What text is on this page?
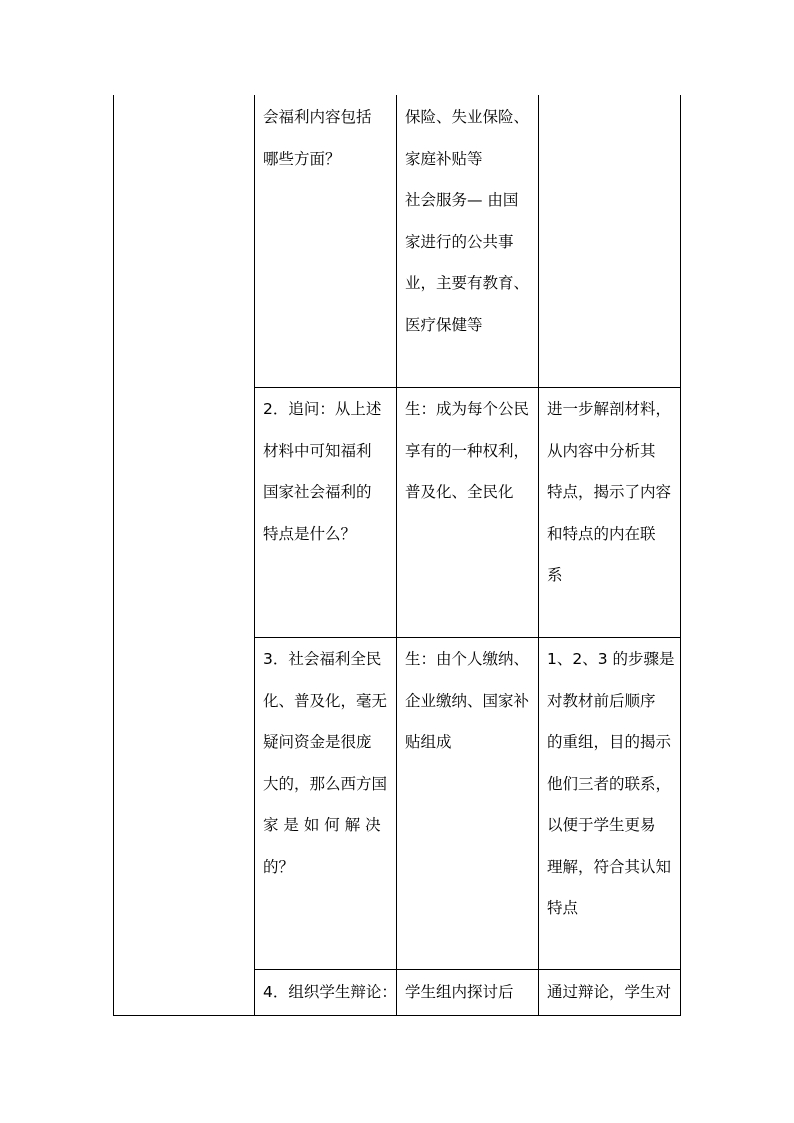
会福利内容包括
哪些方面？
保险、失业保险、
家庭补贴等
社会服务— 由国
家进行的公共事
业，主要有教育、
医疗保健等
2．追问：从上述
材料中可知福利
国家社会福利的
特点是什么？
生：成为每个公民
享有的一种权利，
普及化、全民化
进一步解剖材料，
从内容中分析其
特点，揭示了内容
和特点的内在联
系
3．社会福利全民
化、普及化，毫无
疑问资金是很庞
大的，那么西方国
家 是 如 何 解 决
的？
生：由个人缴纳、
企业缴纳、国家补
贴组成
1、2、3 的步骤是
对教材前后顺序
的重组，目的揭示
他们三者的联系，
以便于学生更易
理解，符合其认知
特点
4．组织学生辩论： 学生组内探讨后 通过辩论，学生对
